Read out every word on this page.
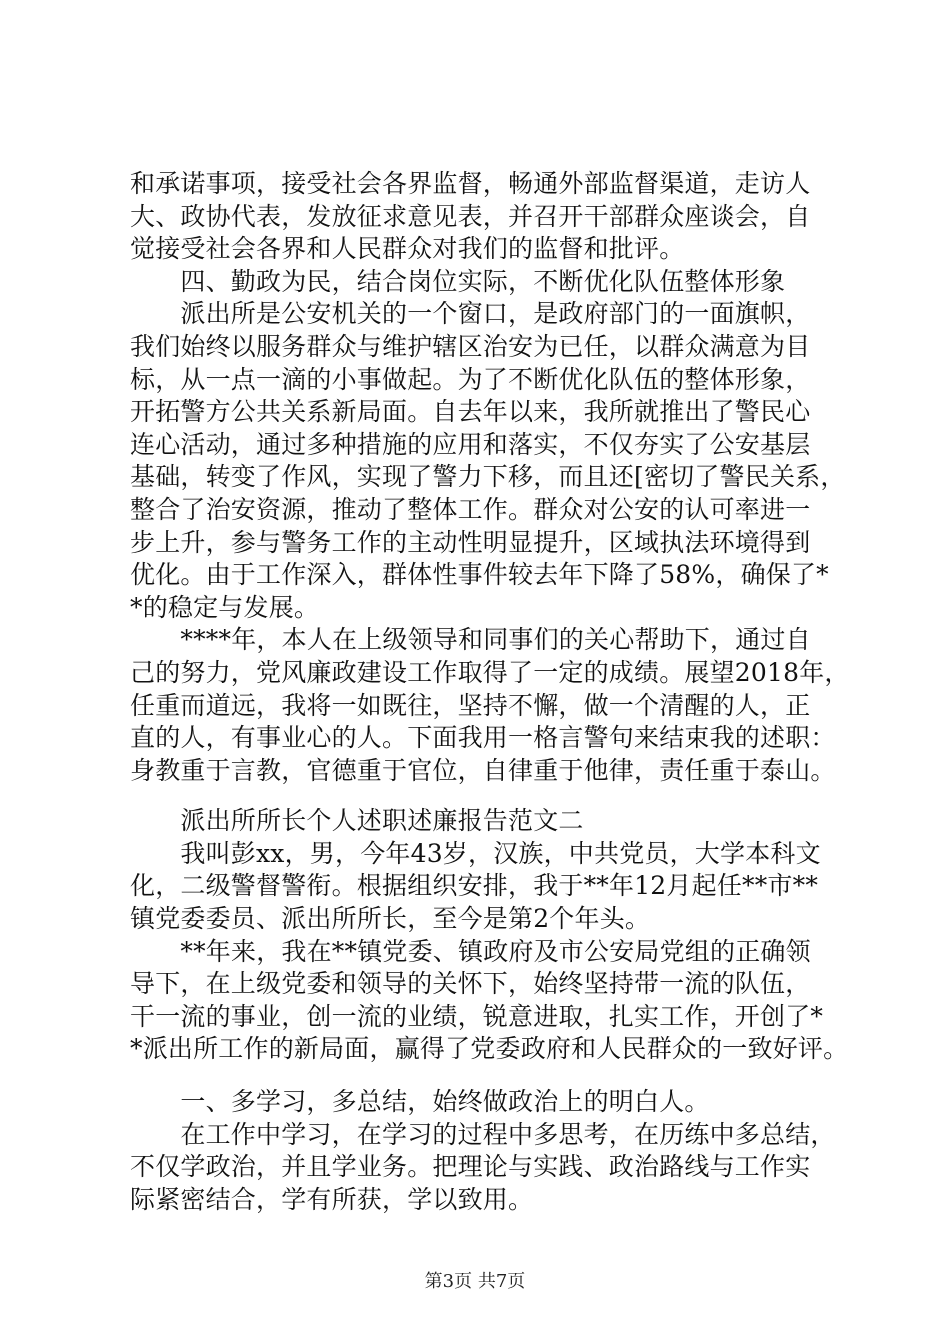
和承诺事项，接受社会各界监督，畅通外部监督渠道，走访人
大、政协代表，发放征求意见表，并召开干部群众座谈会，自
觉接受社会各界和人民群众对我们的监督和批评。
　　四、勤政为民，结合岗位实际，不断优化队伍整体形象
　　派出所是公安机关的一个窗口，是政府部门的一面旗帜，
我们始终以服务群众与维护辖区治安为已任，以群众满意为目
标，从一点一滴的小事做起。为了不断优化队伍的整体形象，
开拓警方公共关系新局面。自去年以来，我所就推出了警民心
连心活动，通过多种措施的应用和落实，不仅夯实了公安基层
基础，转变了作风，实现了警力下移，而且还[密切了警民关系，
整合了治安资源，推动了整体工作。群众对公安的认可率进一
步上升，参与警务工作的主动性明显提升，区域执法环境得到
优化。由于工作深入，群体性事件较去年下降了58%，确保了*
*的稳定与发展。
　　****年，本人在上级领导和同事们的关心帮助下，通过自
己的努力，党风廉政建设工作取得了一定的成绩。展望2018年，
任重而道远，我将一如既往，坚持不懈，做一个清醒的人，正
直的人，有事业心的人。下面我用一格言警句来结束我的述职：
身教重于言教，官德重于官位，自律重于他律，责任重于泰山。
　　派出所所长个人述职述廉报告范文二
　　我叫彭xx，男，今年43岁，汉族，中共党员，大学本科文
化，二级警督警衔。根据组织安排，我于**年12月起任**市**
镇党委委员、派出所所长，至今是第2个年头。
　　**年来，我在**镇党委、镇政府及市公安局党组的正确领
导下，在上级党委和领导的关怀下，始终坚持带一流的队伍，
干一流的事业，创一流的业绩，锐意进取，扎实工作，开创了*
*派出所工作的新局面，赢得了党委政府和人民群众的一致好评。
　　一、多学习，多总结，始终做政治上的明白人。
　　在工作中学习，在学习的过程中多思考，在历练中多总结，
不仅学政治，并且学业务。把理论与实践、政治路线与工作实
际紧密结合，学有所获，学以致用。
第3页 共7页
